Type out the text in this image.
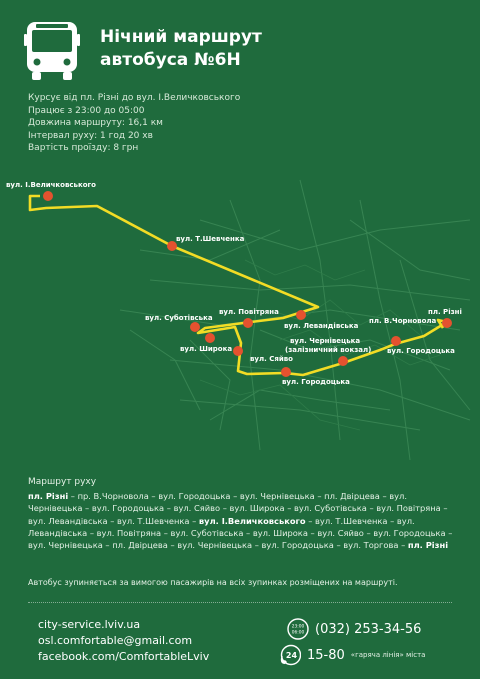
Нічний маршрут
автобуса №6Н
Курсує від пл. Різні до вул. І.Величковського
Працює з 23:00 до 05:00
Довжина маршруту: 16,1 км
Інтервал руху: 1 год 20 хв
Вартість проїзду: 8 грн
вул. І.Величковського
вул. Т.Шевченка
вул. Повітряна
вул. Суботівська
вул. Левандівська
вул. Широка
вул. Сяйво
вул. Чернівецька
(залізничний вокзал)
вул. Городоцька
пл. В.Чорновола
вул. Городоцька
пл. Різні
Маршрут руху
пл. Різні – пр. В.Чорновола – вул. Городоцька – вул. Чернівецька – пл. Двірцева – вул. Чернівецька – вул. Городоцька – вул. Сяйво – вул. Широка – вул. Суботівська – вул. Повітряна – вул. Левандівська – вул. Т.Шевченка – вул. І.Величковського – вул. Т.Шевченка – вул. Левандівська – вул. Повітряна – вул. Суботівська – вул. Широка – вул. Сяйво – вул. Городоцька – вул. Чернівецька – пл. Двірцева – вул. Чернівецька – вул. Городоцька – вул. Торгова – пл. Різні
Автобус зупиняється за вимогою пасажирів на всіх зупинках розміщених на маршруті.
city-service.lviv.ua
osl.comfortable@gmail.com
facebook.com/ComfortableLviv
23:00
06:00 (032) 253-34-56
24 15-80 «гаряча лінія» міста
